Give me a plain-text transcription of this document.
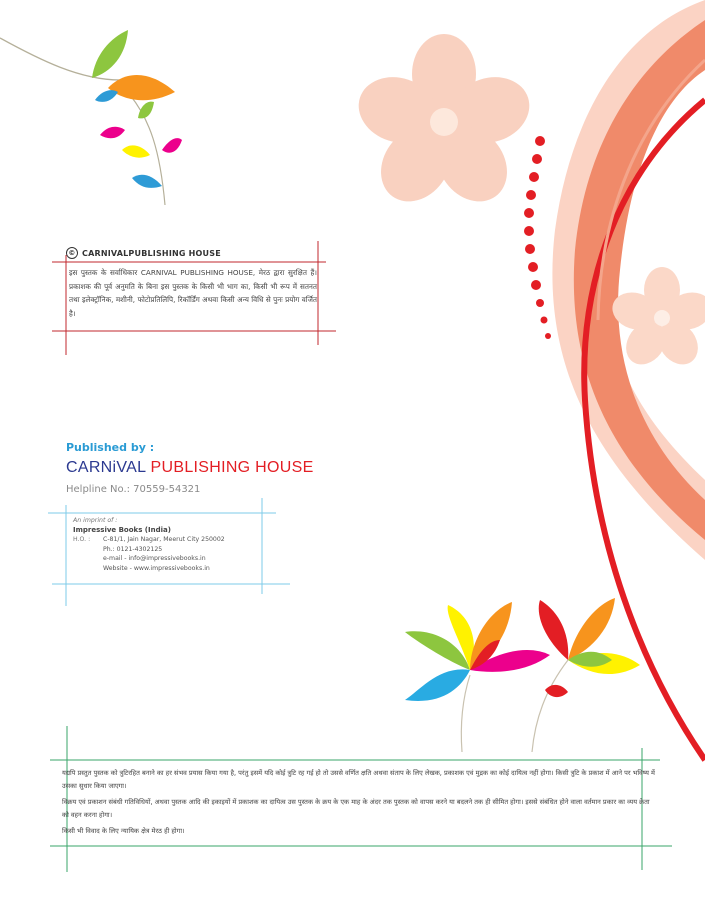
© CARNIVALPUBLISHING HOUSE
इस पुस्तक के सर्वाधिकार CARNIVAL PUBLISHING HOUSE, मेरठ द्वारा सुरक्षित हैं। प्रकाशक की पूर्व अनुमति के बिना इस पुस्तक के किसी भी भाग का, किसी भी रूप में सतनत तथा इलेक्ट्रॉनिक, मशीनी, फोटोप्रतिलिपि, रिकॉर्डिंग अथवा किसी अन्य विधि से पुनः प्रयोग वर्जित है।
Published by :
CARNiVAL PUBLISHING HOUSE
Helpline No.: 70559-54321
An imprint of :
Impressive Books (India)
H.O. :	C-81/1, Jain Nagar, Meerut City 250002
Ph.: 0121-4302125
e-mail - info@impressivebooks.in
Website - www.impressivebooks.in

यद्यपि प्रस्तुत पुस्तक को त्रुटिरहित बनाने का हर संभव प्रयास किया गया है, परंतु इसमें यदि कोई त्रुटि रह गई हो तो उससे वर्णित क्षति अथवा संताप के लिए लेखक, प्रकाशक एवं मुद्रक का कोई दायित्व नहीं होगा। किसी त्रुटि के प्रकाश में आने पर भविष्य में उसका सुधार किया जाएगा।

विक्रय एवं प्रकाशन संबंधी गतिविधियों, अथवा पुस्तक आदि की इकाइयों में प्रकाशक का दायित्व उस पुस्तक के क्रय के एक माह के अंदर तक पुस्तक को वापस करने या बदलने तक ही सीमित होगा। इससे संबंधित होने वाला वर्तमान प्रकार का व्यय क्रेता को वहन करना होगा।

किसी भी विवाद के लिए न्यायिक क्षेत्र मेरठ ही होगा।
